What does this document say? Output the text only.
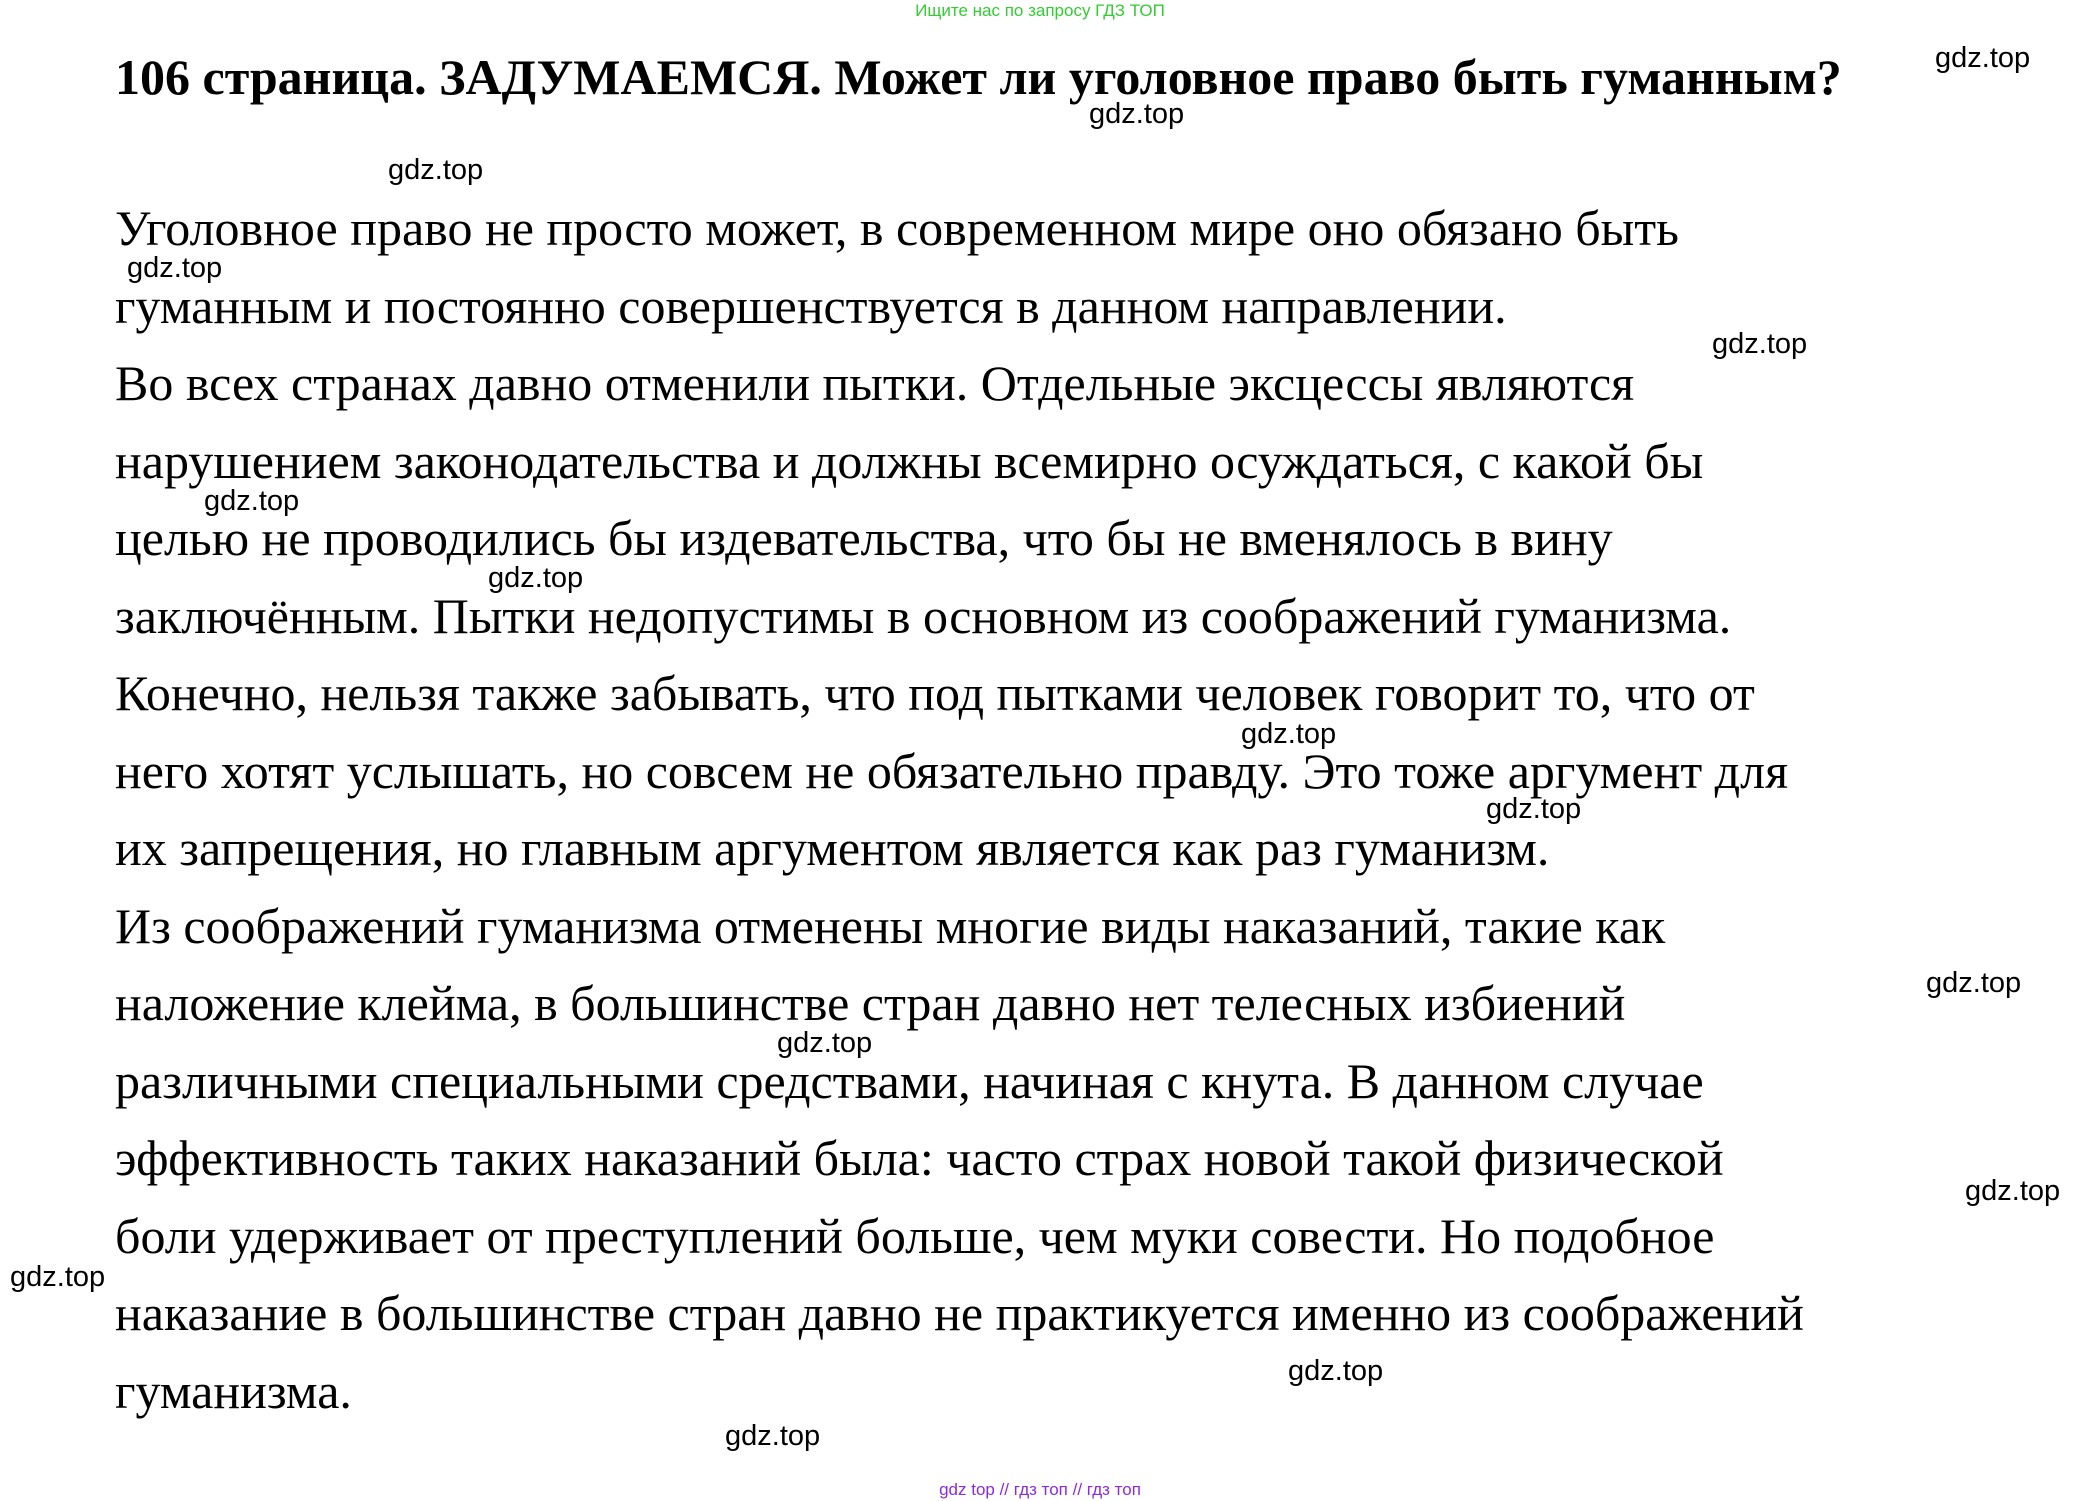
Ищите нас по запросу ГДЗ ТОП
106 страница. ЗАДУМАЕМСЯ. Может ли уголовное право быть гуманным?

Уголовное право не просто может, в современном мире оно обязано быть
гуманным и постоянно совершенствуется в данном направлении.

Во всех странах давно отменили пытки. Отдельные эксцессы являются
нарушением законодательства и должны всемирно осуждаться, с какой бы
целью не проводились бы издевательства, что бы не вменялось в вину
заключённым. Пытки недопустимы в основном из соображений гуманизма.
Конечно, нельзя также забывать, что под пытками человек говорит то, что от
него хотят услышать, но совсем не обязательно правду. Это тоже аргумент для
их запрещения, но главным аргументом является как раз гуманизм.

Из соображений гуманизма отменены многие виды наказаний, такие как
наложение клейма, в большинстве стран давно нет телесных избиений
различными специальными средствами, начиная с кнута. В данном случае
эффективность таких наказаний была: часто страх новой такой физической
боли удерживает от преступлений больше, чем муки совести. Но подобное
наказание в большинстве стран давно не практикуется именно из соображений
гуманизма.

gdz.top
gdz.top
gdz.top
gdz.top
gdz.top
gdz.top
gdz.top
gdz.top
gdz.top
gdz.top
gdz.top
gdz.top
gdz.top
gdz.top
gdz.top
gdz top // гдз топ // гдз топ
